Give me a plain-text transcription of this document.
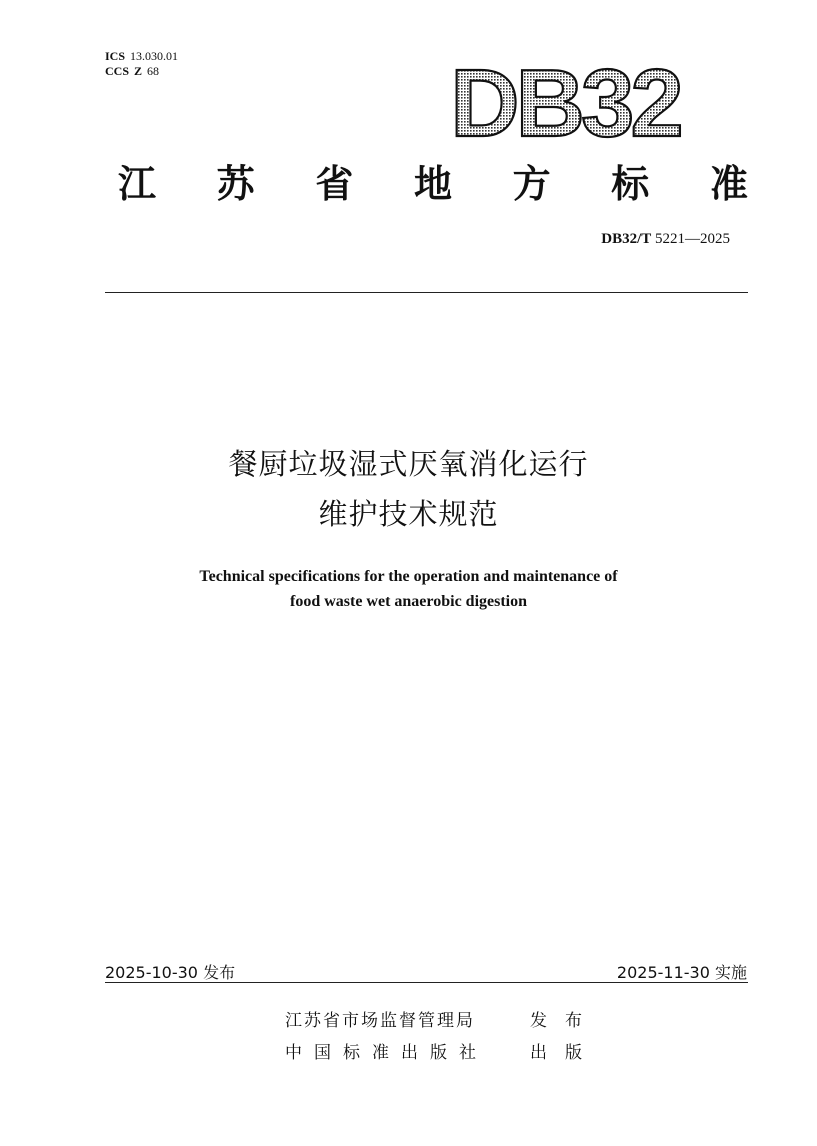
ICS 13.030.01
CCS Z 68	DB32
江 苏 省 地 方 标 准
DB32/T 5221—2025
餐厨垃圾湿式厌氧消化运行
维护技术规范
Technical specifications for the operation and maintenance of
food waste wet anaerobic digestion
2025-10-30 发布	2025-11-30 实施
江苏省市场监督管理局	发布
中国标准出版社 出版
